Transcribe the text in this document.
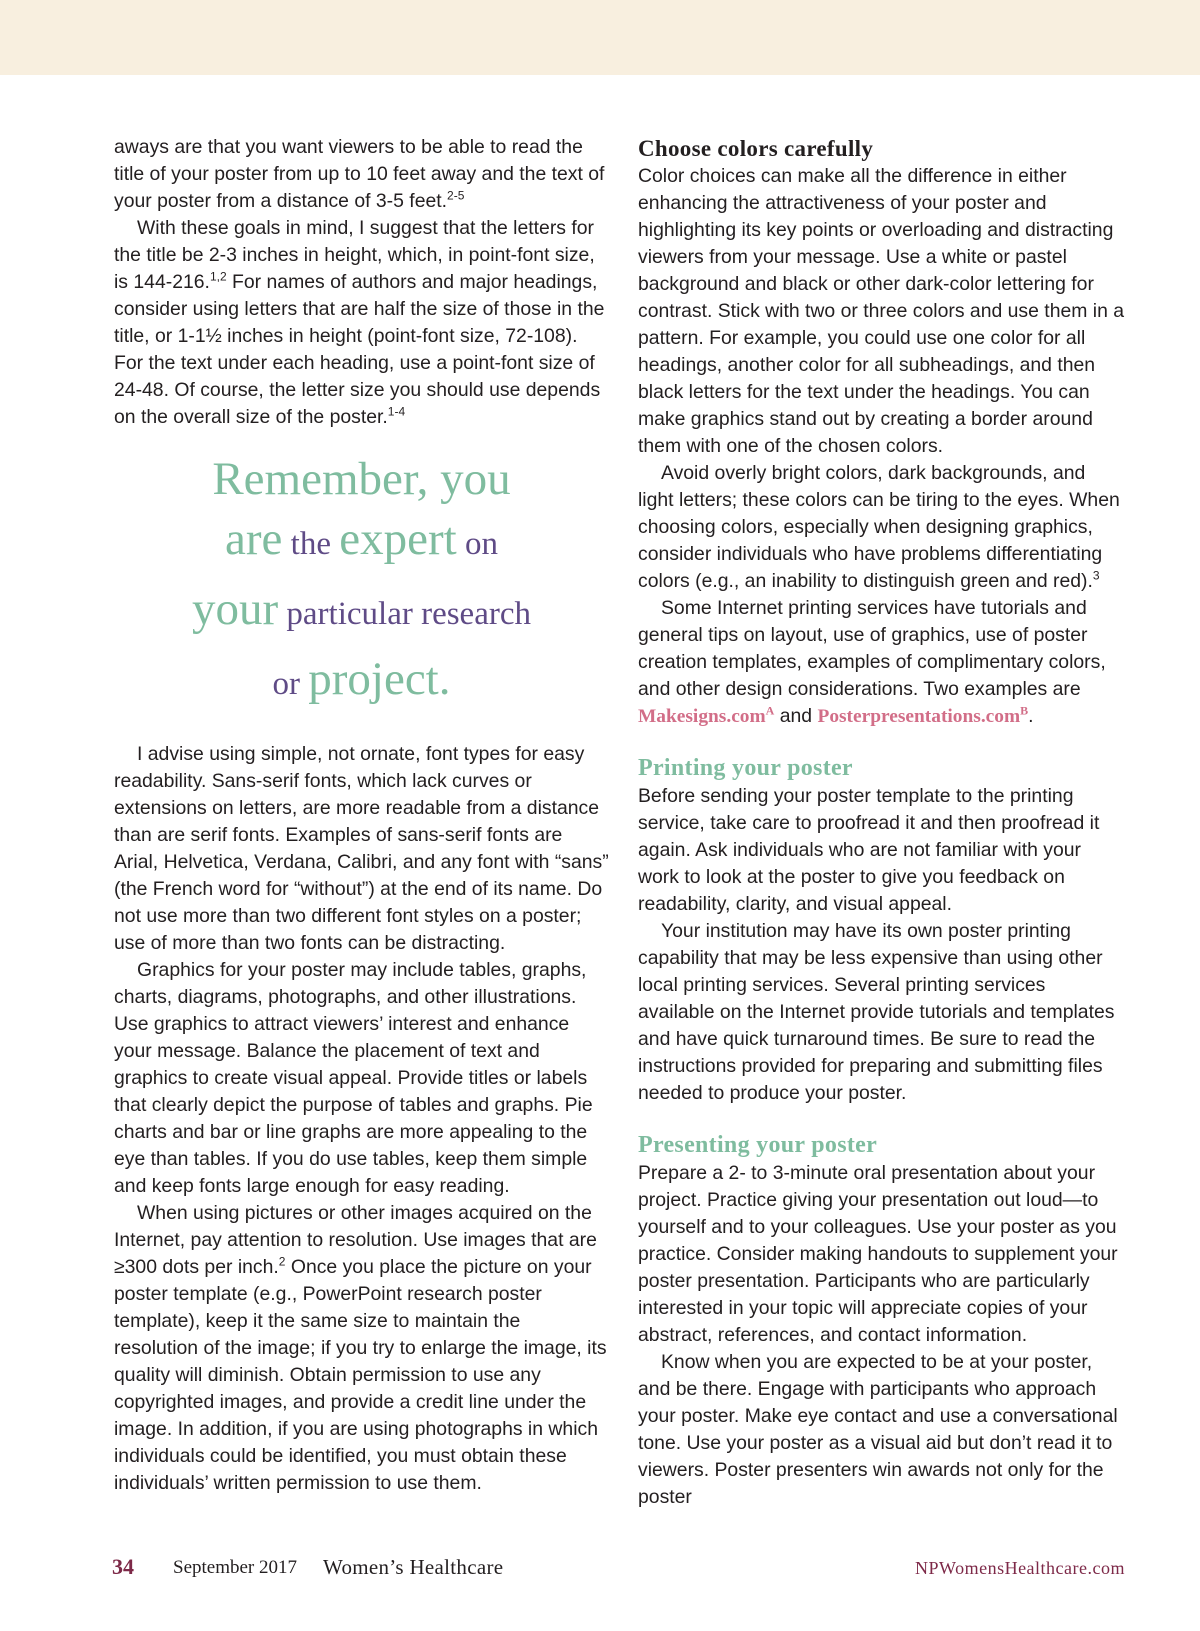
aways are that you want viewers to be able to read the title of your poster from up to 10 feet away and the text of your poster from a distance of 3-5 feet.$^{2-5}$

With these goals in mind, I suggest that the letters for the title be 2-3 inches in height, which, in point-font size, is 144-216.$^{1,2}$ For names of authors and major headings, consider using letters that are half the size of those in the title, or 1-1½ inches in height (point-font size, 72-108). For the text under each heading, use a point-font size of 24-48. Of course, the letter size you should use depends on the overall size of the poster.$^{1-4}$

Remember, you
are the expert on
your particular research
or project.

I advise using simple, not ornate, font types for easy readability. Sans-serif fonts, which lack curves or extensions on letters, are more readable from a distance than are serif fonts. Examples of sans-serif fonts are Arial, Helvetica, Verdana, Calibri, and any font with “sans” (the French word for “without”) at the end of its name. Do not use more than two different font styles on a poster; use of more than two fonts can be distracting.

Graphics for your poster may include tables, graphs, charts, diagrams, photographs, and other illustrations. Use graphics to attract viewers’ interest and enhance your message. Balance the placement of text and graphics to create visual appeal. Provide titles or labels that clearly depict the purpose of tables and graphs. Pie charts and bar or line graphs are more appealing to the eye than tables. If you do use tables, keep them simple and keep fonts large enough for easy reading.

When using pictures or other images acquired on the Internet, pay attention to resolution. Use images that are ≥300 dots per inch.$^2$ Once you place the picture on your poster template (e.g., PowerPoint research poster template), keep it the same size to maintain the resolution of the image; if you try to enlarge the image, its quality will diminish. Obtain permission to use any copyrighted images, and provide a credit line under the image. In addition, if you are using photographs in which individuals could be identified, you must obtain these individuals’ written permission to use them.

Choose colors carefully

Color choices can make all the difference in either enhancing the attractiveness of your poster and highlighting its key points or overloading and distracting viewers from your message. Use a white or pastel background and black or other dark-color lettering for contrast. Stick with two or three colors and use them in a pattern. For example, you could use one color for all headings, another color for all subheadings, and then black letters for the text under the headings. You can make graphics stand out by creating a border around them with one of the chosen colors.

Avoid overly bright colors, dark backgrounds, and light letters; these colors can be tiring to the eyes. When choosing colors, especially when designing graphics, consider individuals who have problems differentiating colors (e.g., an inability to distinguish green and red).$^3$

Some Internet printing services have tutorials and general tips on layout, use of graphics, use of poster creation templates, examples of complimentary colors, and other design considerations. Two examples are Makesigns.com$^A$ and Posterpresentations.com$^B$.

Printing your poster

Before sending your poster template to the printing service, take care to proofread it and then proofread it again. Ask individuals who are not familiar with your work to look at the poster to give you feedback on readability, clarity, and visual appeal.

Your institution may have its own poster printing capability that may be less expensive than using other local printing services. Several printing services available on the Internet provide tutorials and templates and have quick turnaround times. Be sure to read the instructions provided for preparing and submitting files needed to produce your poster.

Presenting your poster

Prepare a 2- to 3-minute oral presentation about your project. Practice giving your presentation out loud—to yourself and to your colleagues. Use your poster as you practice. Consider making handouts to supplement your poster presentation. Participants who are particularly interested in your topic will appreciate copies of your abstract, references, and contact information.

Know when you are expected to be at your poster, and be there. Engage with participants who approach your poster. Make eye contact and use a conversational tone. Use your poster as a visual aid but don’t read it to viewers. Poster presenters win awards not only for the poster

34 September 2017 Women’s Healthcare	NPWomensHealthcare.com
